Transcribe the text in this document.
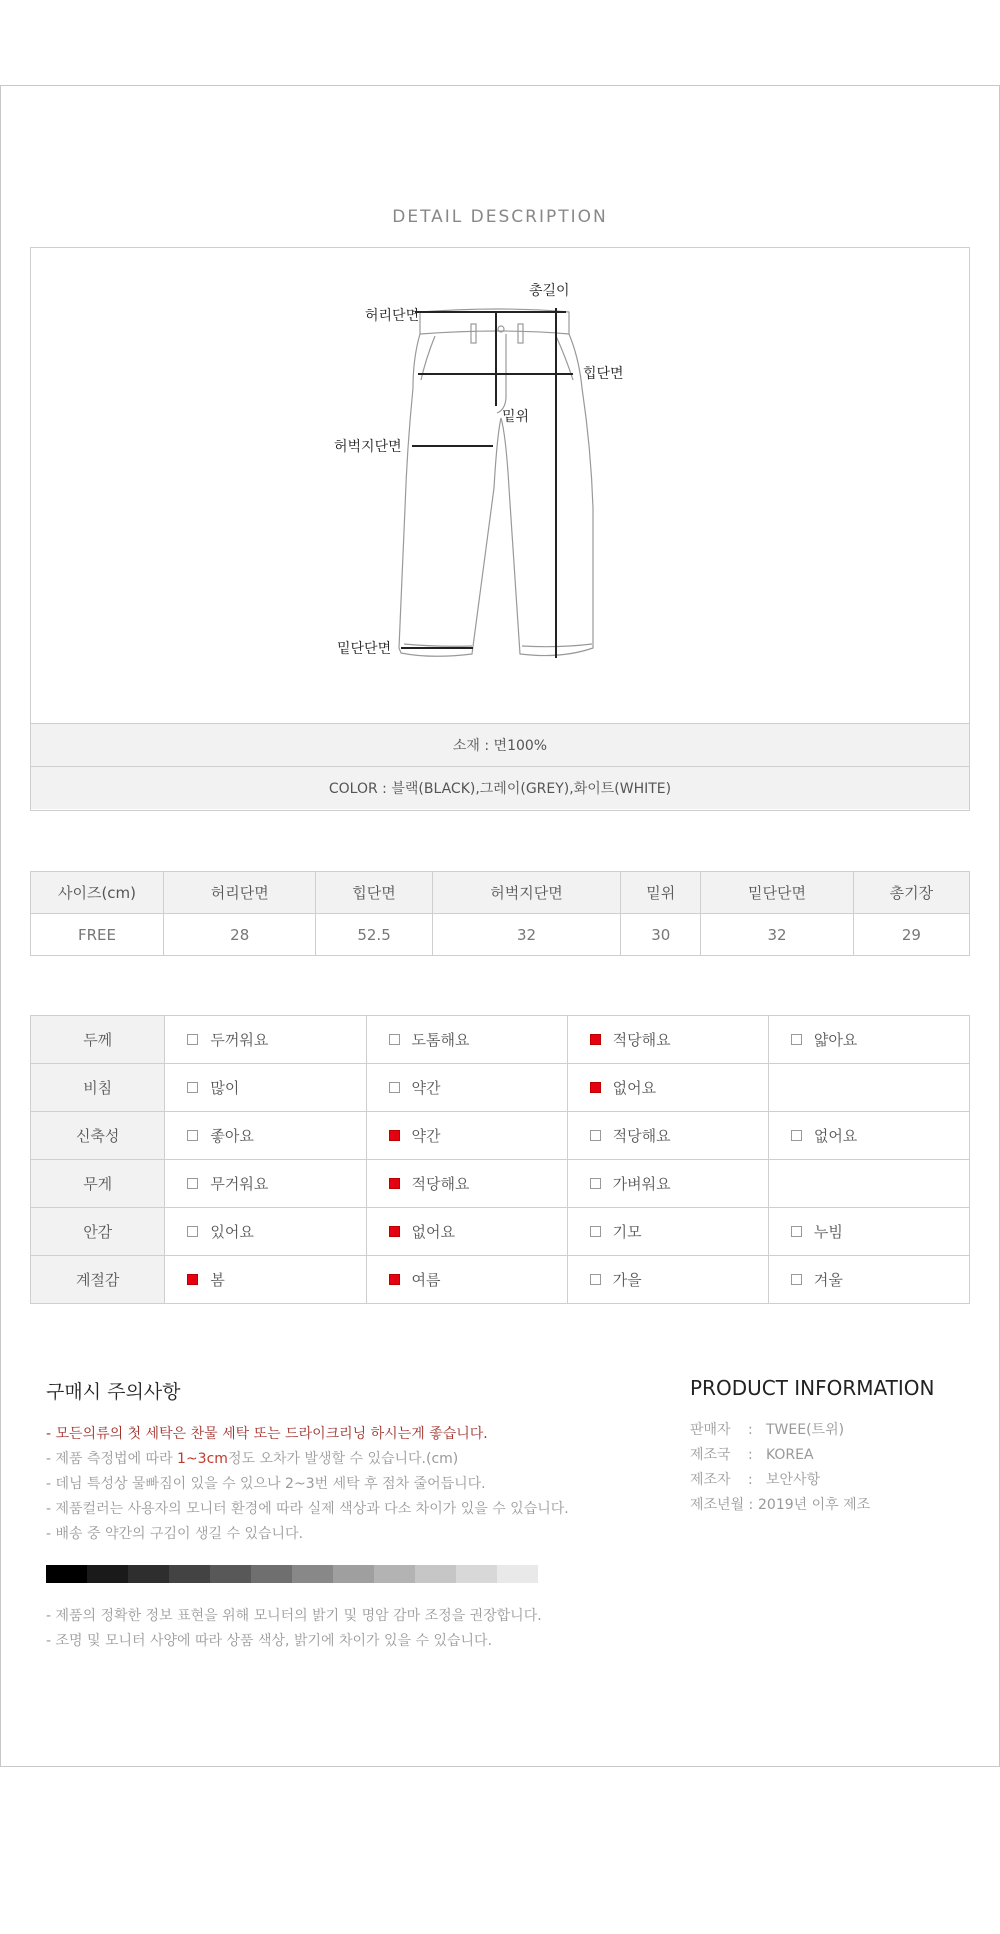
DETAIL DESCRIPTION
총길이
허리단면
힙단면
밑위
허벅지단면
밑단단면
소재 : 면100%
COLOR : 블랙(BLACK),그레이(GREY),화이트(WHITE)
사이즈(cm)	허리단면	힙단면	허벅지단면	밑위	밑단단면	총기장
FREE	28	52.5	32	30	32	29
두께	두꺼워요	도톰해요	적당해요	얇아요
비침	많이	약간	없어요	
신축성	좋아요	약간	적당해요	없어요
무게	무거워요	적당해요	가벼워요	
안감	있어요	없어요	기모	누빔
계절감	봄	여름	가을	겨울
구매시 주의사항
- 모든의류의 첫 세탁은 찬물 세탁 또는 드라이크리닝 하시는게 좋습니다.
- 제품 측정법에 따라 1~3cm정도 오차가 발생할 수 있습니다.(cm)
- 데님 특성상 물빠짐이 있을 수 있으나 2~3번 세탁 후 점차 줄어듭니다.
- 제품컬러는 사용자의 모니터 환경에 따라 실제 색상과 다소 차이가 있을 수 있습니다.
- 배송 중 약간의 구김이 생길 수 있습니다.
- 제품의 정확한 정보 표현을 위해 모니터의 밝기 및 명암 감마 조정을 권장합니다.
- 조명 및 모니터 사양에 따라 상품 색상, 밝기에 차이가 있을 수 있습니다.
PRODUCT INFORMATION
판매자 : TWEE(트위)
제조국 : KOREA
제조자 : 보안사항
제조년월 : 2019년 이후 제조
